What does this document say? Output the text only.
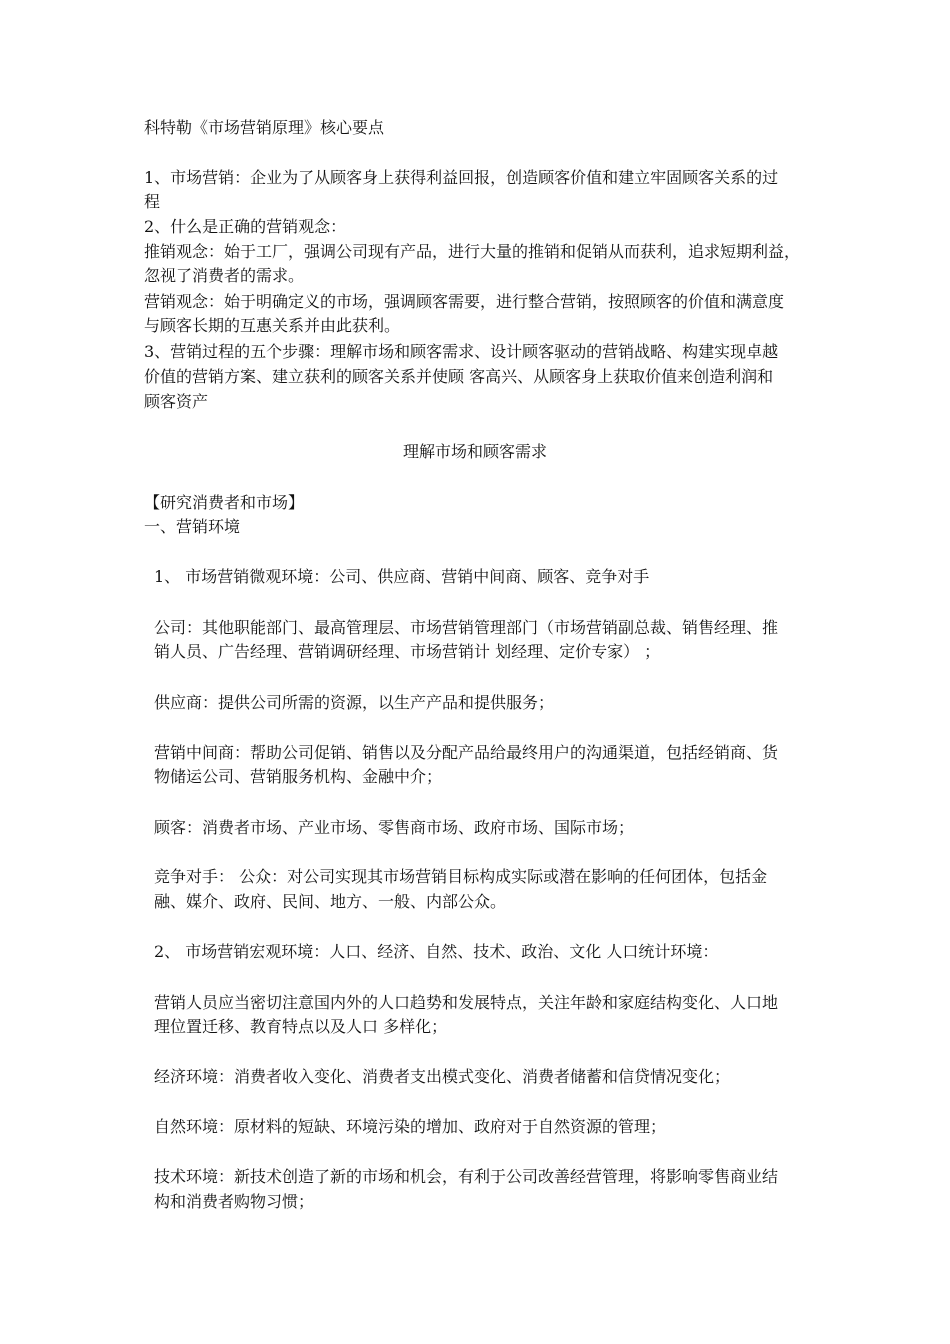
科特勒《市场营销原理》核心要点
1、市场营销：企业为了从顾客身上获得利益回报，创造顾客价值和建立牢固顾客关系的过
程
2、什么是正确的营销观念：
推销观念：始于工厂，强调公司现有产品，进行大量的推销和促销从而获利，追求短期利益，
忽视了消费者的需求。
营销观念：始于明确定义的市场，强调顾客需要，进行整合营销，按照顾客的价值和满意度
与顾客长期的互惠关系并由此获利。
3、营销过程的五个步骤：理解市场和顾客需求、设计顾客驱动的营销战略、构建实现卓越
价值的营销方案、建立获利的顾客关系并使顾 客高兴、从顾客身上获取价值来创造利润和
顾客资产
理解市场和顾客需求
【研究消费者和市场】
一、营销环境
1、 市场营销微观环境：公司、供应商、营销中间商、顾客、竞争对手
公司：其他职能部门、最高管理层、市场营销管理部门（市场营销副总裁、销售经理、推
销人员、广告经理、营销调研经理、市场营销计 划经理、定价专家） ；
供应商：提供公司所需的资源，以生产产品和提供服务；
营销中间商：帮助公司促销、销售以及分配产品给最终用户的沟通渠道，包括经销商、货
物储运公司、营销服务机构、金融中介；
顾客：消费者市场、产业市场、零售商市场、政府市场、国际市场；
竞争对手： 公众：对公司实现其市场营销目标构成实际或潜在影响的任何团体，包括金
融、媒介、政府、民间、地方、一般、内部公众。
2、 市场营销宏观环境：人口、经济、自然、技术、政治、文化 人口统计环境：
营销人员应当密切注意国内外的人口趋势和发展特点，关注年龄和家庭结构变化、人口地
理位置迁移、教育特点以及人口 多样化；
经济环境：消费者收入变化、消费者支出模式变化、消费者储蓄和信贷情况变化；
自然环境：原材料的短缺、环境污染的增加、政府对于自然资源的管理；
技术环境：新技术创造了新的市场和机会，有利于公司改善经营管理，将影响零售商业结
构和消费者购物习惯；
